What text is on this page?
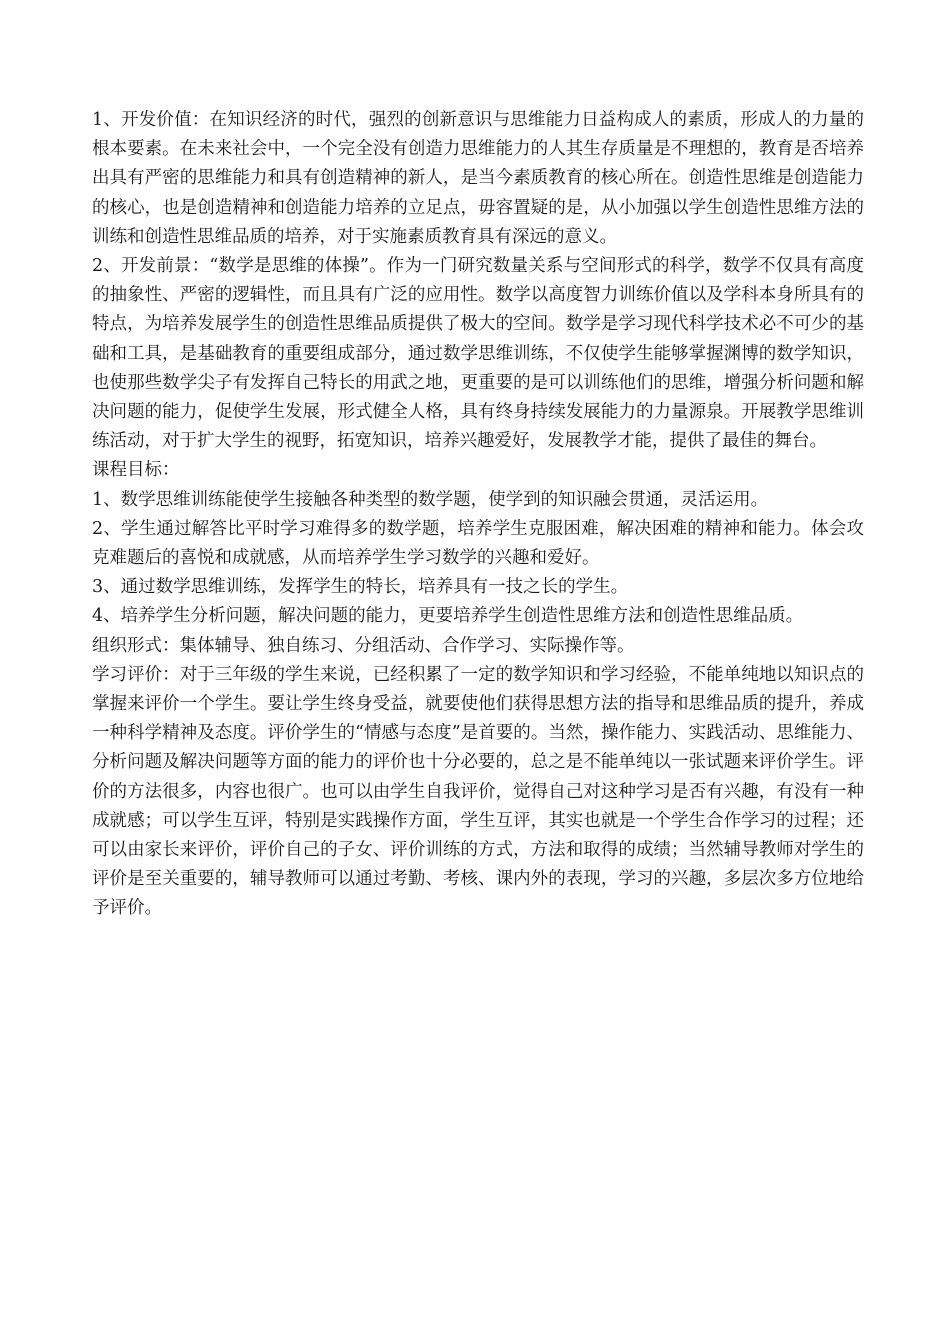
1、开发价值：在知识经济的时代，强烈的创新意识与思维能力日益构成人的素质，形成人的力量的根本要素。在未来社会中，一个完全没有创造力思维能力的人其生存质量是不理想的，教育是否培养出具有严密的思维能力和具有创造精神的新人，是当今素质教育的核心所在。创造性思维是创造能力的核心，也是创造精神和创造能力培养的立足点，毋容置疑的是，从小加强以学生创造性思维方法的训练和创造性思维品质的培养，对于实施素质教育具有深远的意义。

2、开发前景：“数学是思维的体操”。作为一门研究数量关系与空间形式的科学，数学不仅具有高度的抽象性、严密的逻辑性，而且具有广泛的应用性。数学以高度智力训练价值以及学科本身所具有的特点，为培养发展学生的创造性思维品质提供了极大的空间。数学是学习现代科学技术必不可少的基础和工具，是基础教育的重要组成部分，通过数学思维训练，不仅使学生能够掌握渊博的数学知识，也使那些数学尖子有发挥自己特长的用武之地，更重要的是可以训练他们的思维，增强分析问题和解决问题的能力，促使学生发展，形式健全人格，具有终身持续发展能力的力量源泉。开展教学思维训练活动，对于扩大学生的视野，拓宽知识，培养兴趣爱好，发展教学才能，提供了最佳的舞台。

课程目标：

1、数学思维训练能使学生接触各种类型的数学题，使学到的知识融会贯通，灵活运用。

2、学生通过解答比平时学习难得多的数学题，培养学生克服困难，解决困难的精神和能力。体会攻克难题后的喜悦和成就感，从而培养学生学习数学的兴趣和爱好。

3、通过数学思维训练，发挥学生的特长，培养具有一技之长的学生。

4、培养学生分析问题，解决问题的能力，更要培养学生创造性思维方法和创造性思维品质。

组织形式：集体辅导、独自练习、分组活动、合作学习、实际操作等。

学习评价：对于三年级的学生来说，已经积累了一定的数学知识和学习经验，不能单纯地以知识点的掌握来评价一个学生。要让学生终身受益，就要使他们获得思想方法的指导和思维品质的提升，养成一种科学精神及态度。评价学生的“情感与态度”是首要的。当然，操作能力、实践活动、思维能力、分析问题及解决问题等方面的能力的评价也十分必要的，总之是不能单纯以一张试题来评价学生。评价的方法很多，内容也很广。也可以由学生自我评价，觉得自己对这种学习是否有兴趣，有没有一种成就感；可以学生互评，特别是实践操作方面，学生互评，其实也就是一个学生合作学习的过程；还可以由家长来评价，评价自己的子女、评价训练的方式，方法和取得的成绩；当然辅导教师对学生的评价是至关重要的，辅导教师可以通过考勤、考核、课内外的表现，学习的兴趣，多层次多方位地给予评价。
